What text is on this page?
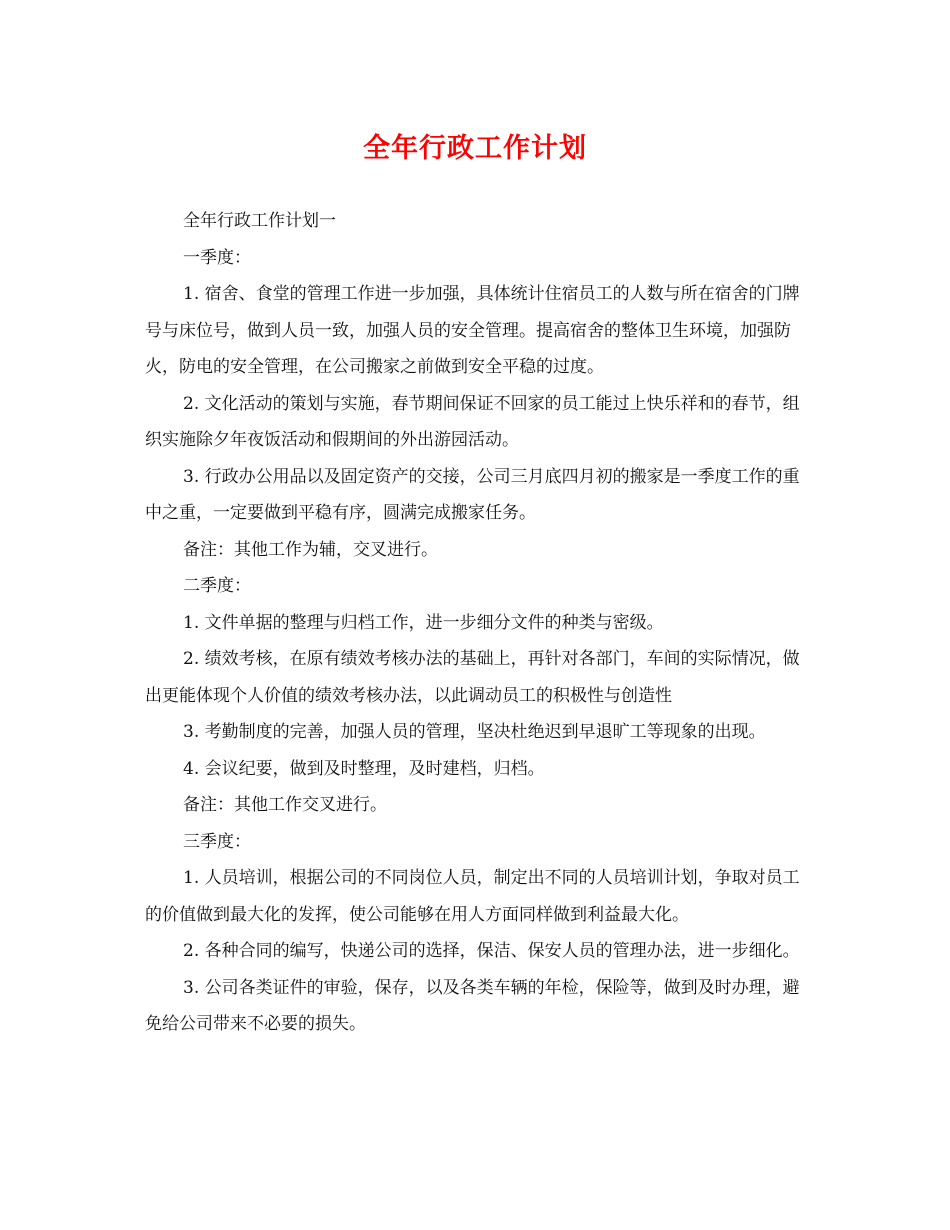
全年行政工作计划

全年行政工作计划一

一季度：

1. 宿舍、食堂的管理工作进一步加强，具体统计住宿员工的人数与所在宿舍的门牌号与床位号，做到人员一致，加强人员的安全管理。提高宿舍的整体卫生环境，加强防火，防电的安全管理，在公司搬家之前做到安全平稳的过度。

2. 文化活动的策划与实施，春节期间保证不回家的员工能过上快乐祥和的春节，组织实施除夕年夜饭活动和假期间的外出游园活动。

3. 行政办公用品以及固定资产的交接，公司三月底四月初的搬家是一季度工作的重中之重，一定要做到平稳有序，圆满完成搬家任务。

备注：其他工作为辅，交叉进行。

二季度：

1. 文件单据的整理与归档工作，进一步细分文件的种类与密级。

2. 绩效考核，在原有绩效考核办法的基础上，再针对各部门，车间的实际情况，做出更能体现个人价值的绩效考核办法，以此调动员工的积极性与创造性

3. 考勤制度的完善，加强人员的管理，坚决杜绝迟到早退旷工等现象的出现。

4. 会议纪要，做到及时整理，及时建档，归档。

备注：其他工作交叉进行。

三季度：

1. 人员培训，根据公司的不同岗位人员，制定出不同的人员培训计划，争取对员工的价值做到最大化的发挥，使公司能够在用人方面同样做到利益最大化。

2. 各种合同的编写，快递公司的选择，保洁、保安人员的管理办法，进一步细化。

3. 公司各类证件的审验，保存，以及各类车辆的年检，保险等，做到及时办理，避免给公司带来不必要的损失。
